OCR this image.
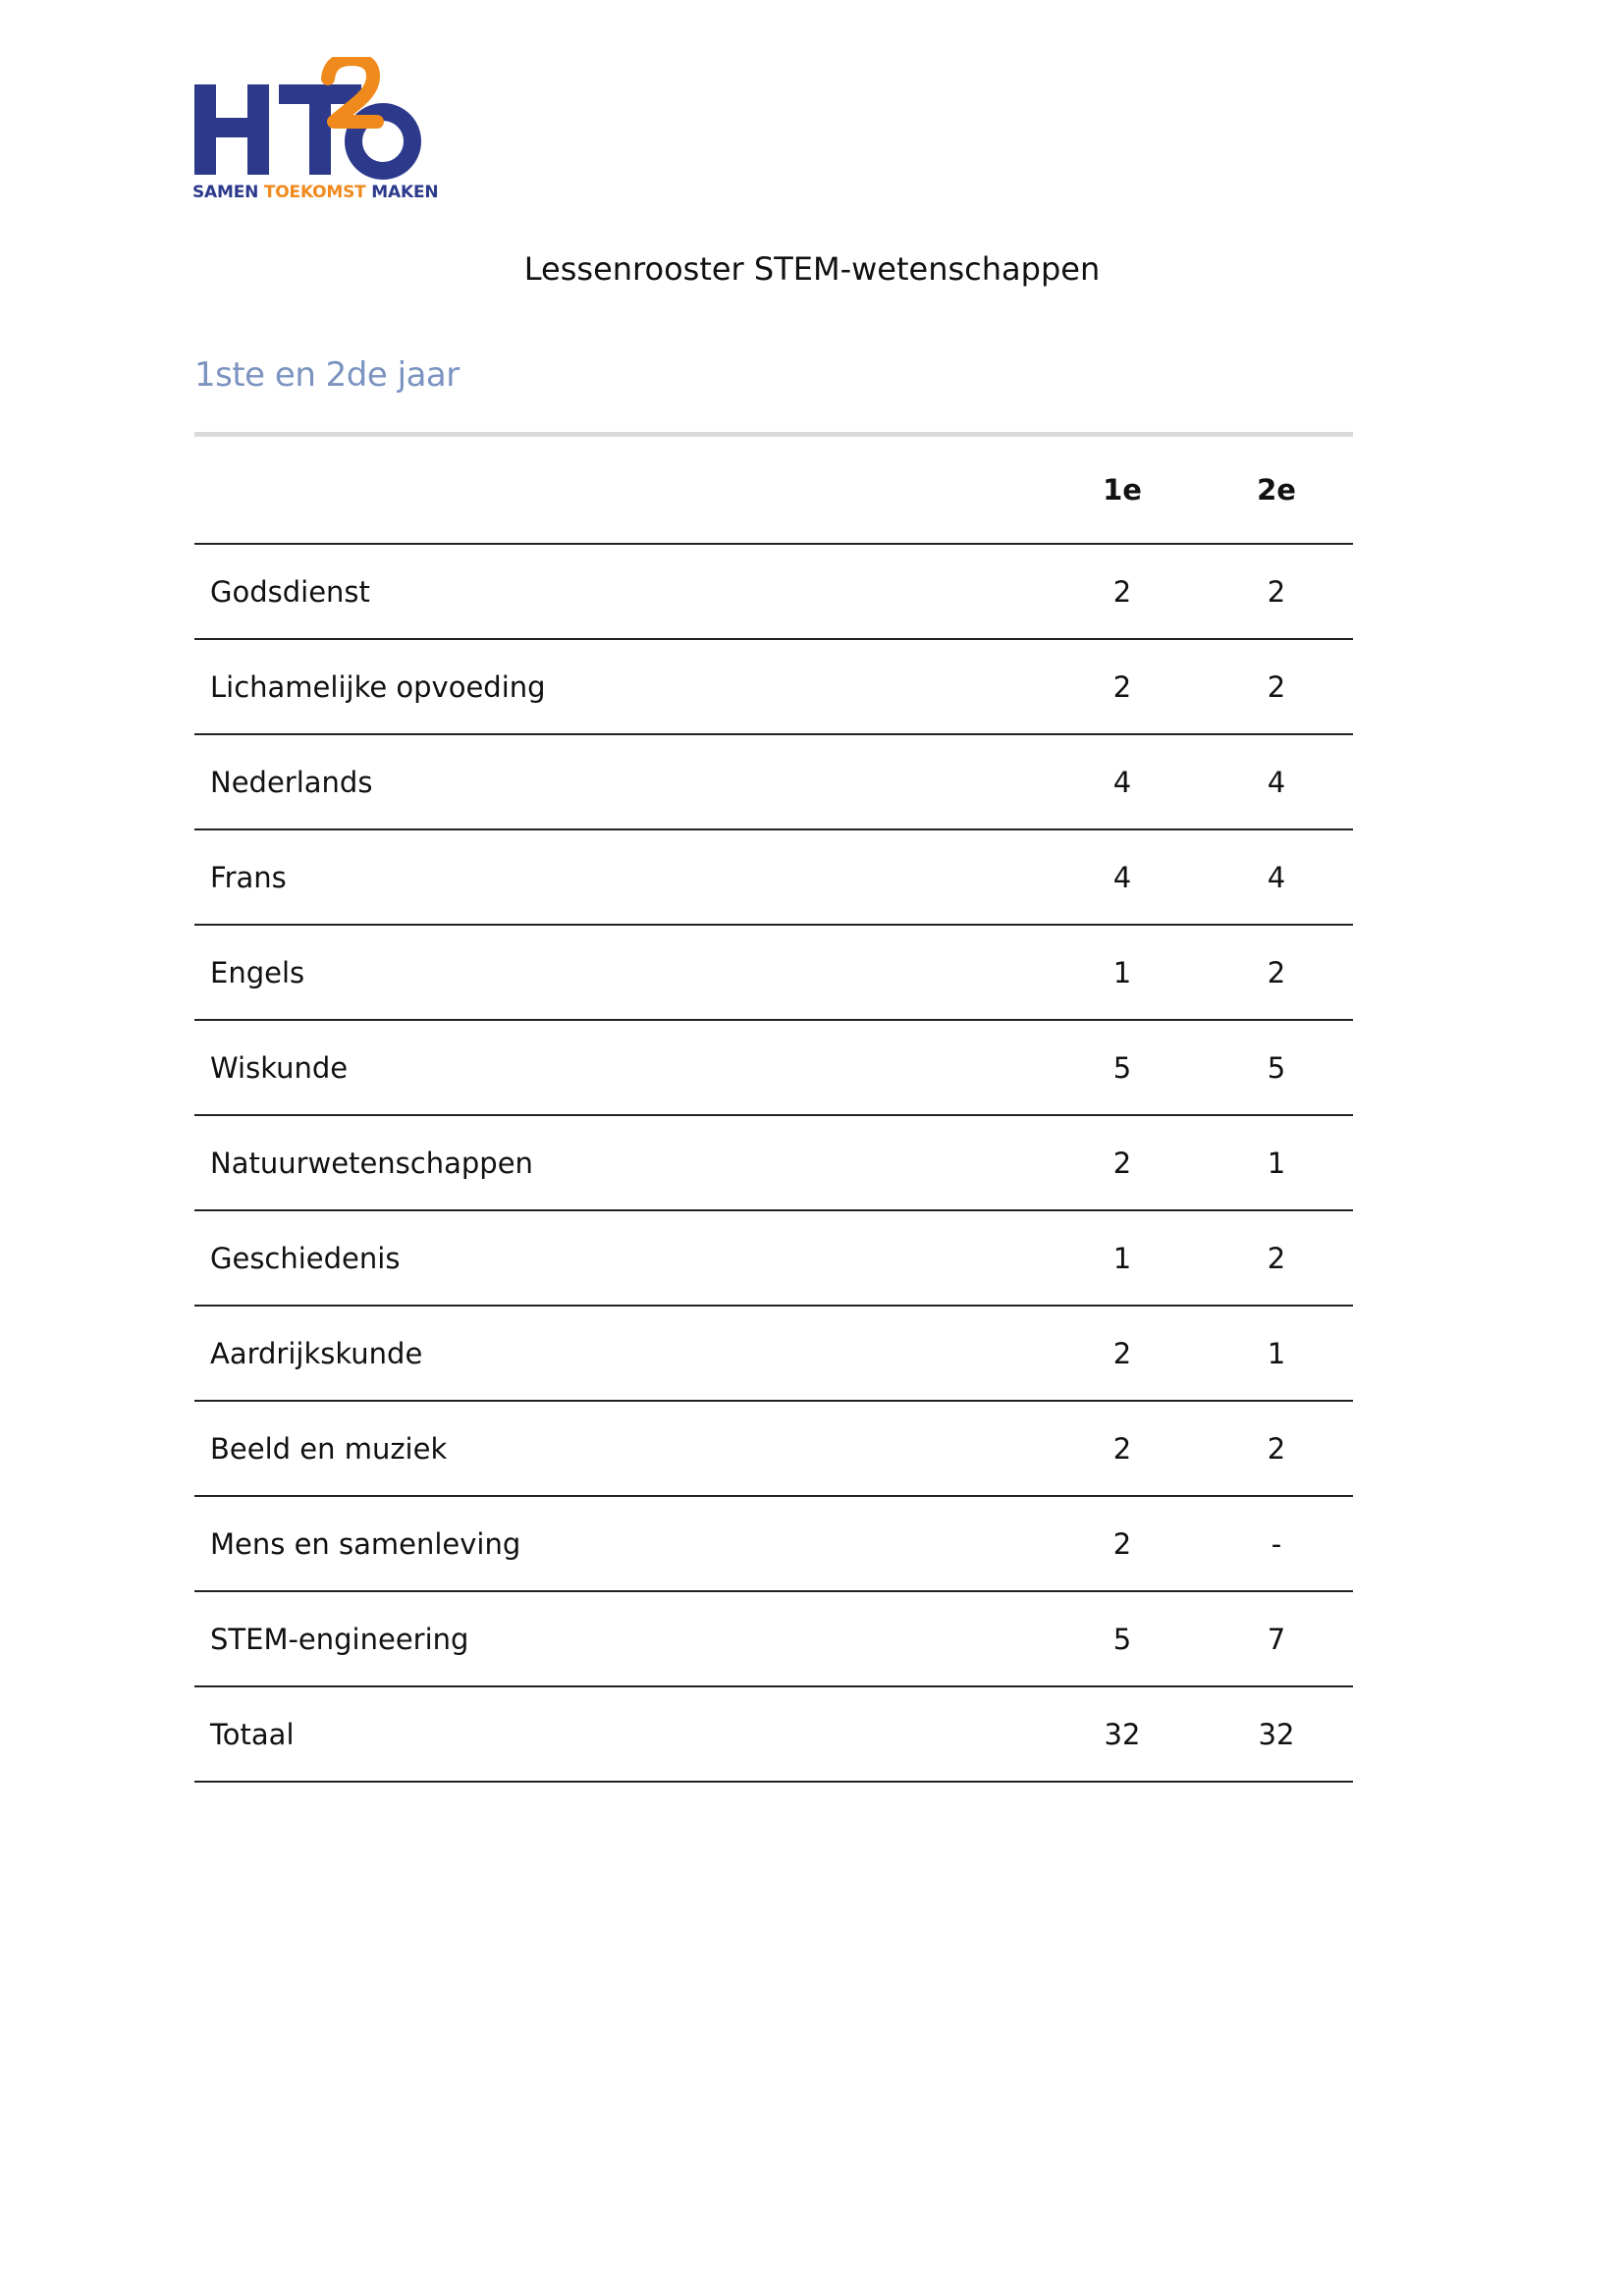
SAMEN TOEKOMST MAKEN
Lessenrooster STEM-wetenschappen
1ste en 2de jaar
	1e	2e
Godsdienst	2	2
Lichamelijke opvoeding	2	2
Nederlands	4	4
Frans	4	4
Engels	1	2
Wiskunde	5	5
Natuurwetenschappen	2	1
Geschiedenis	1	2
Aardrijkskunde	2	1
Beeld en muziek	2	2
Mens en samenleving	2	-
STEM-engineering	5	7
Totaal	32	32
